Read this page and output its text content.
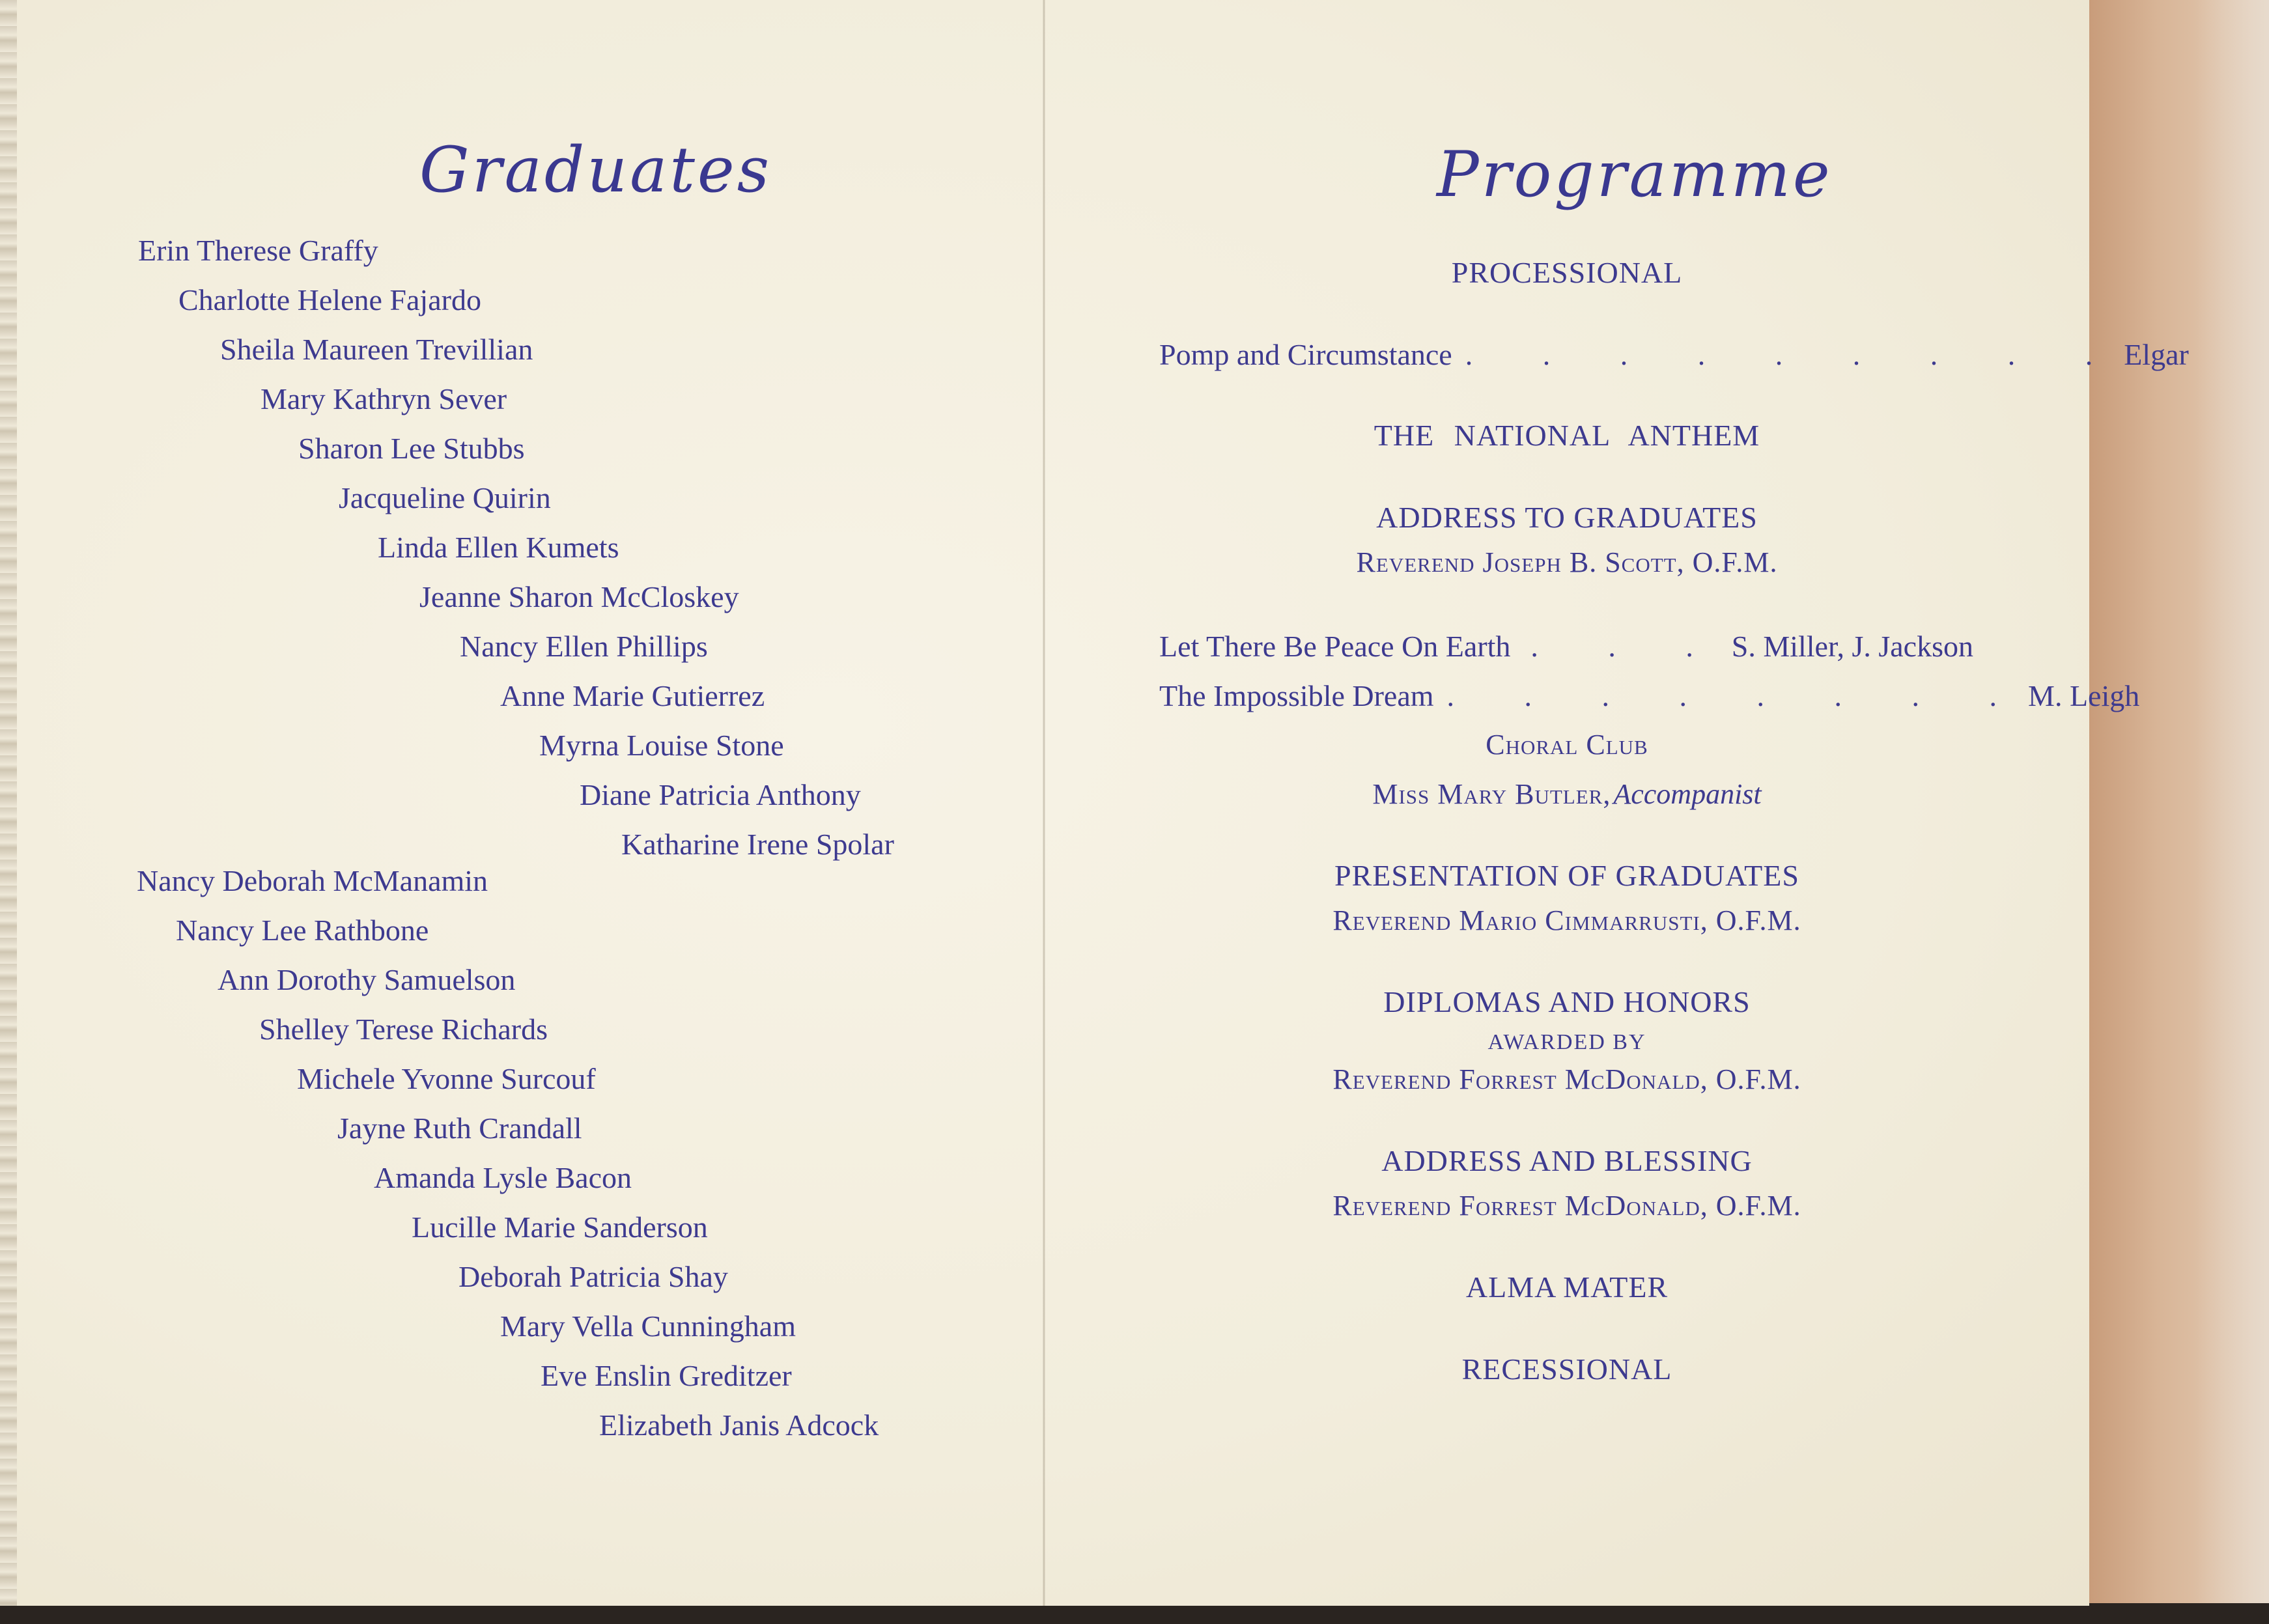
Graduates
Erin Therese Graffy
Charlotte Helene Fajardo
Sheila Maureen Trevillian
Mary Kathryn Sever
Sharon Lee Stubbs
Jacqueline Quirin
Linda Ellen Kumets
Jeanne Sharon McCloskey
Nancy Ellen Phillips
Anne Marie Gutierrez
Myrna Louise Stone
Diane Patricia Anthony
Katharine Irene Spolar
Nancy Deborah McManamin
Nancy Lee Rathbone
Ann Dorothy Samuelson
Shelley Terese Richards
Michele Yvonne Surcouf
Jayne Ruth Crandall
Amanda Lysle Bacon
Lucille Marie Sanderson
Deborah Patricia Shay
Mary Vella Cunningham
Eve Enslin Greditzer
Elizabeth Janis Adcock
Programme
PROCESSIONAL
Pomp and Circumstance . . . . . . . . . Elgar
THE NATIONAL ANTHEM
ADDRESS TO GRADUATES
Reverend Joseph B. Scott, O.F.M.
Let There Be Peace On Earth . . . S. Miller, J. Jackson
The Impossible Dream . . . . . . . . M. Leigh
Choral Club
Miss Mary Butler, Accompanist
PRESENTATION OF GRADUATES
Reverend Mario Cimmarrusti, O.F.M.
DIPLOMAS AND HONORS
AWARDED BY
Reverend Forrest McDonald, O.F.M.
ADDRESS AND BLESSING
Reverend Forrest McDonald, O.F.M.
ALMA MATER
RECESSIONAL
